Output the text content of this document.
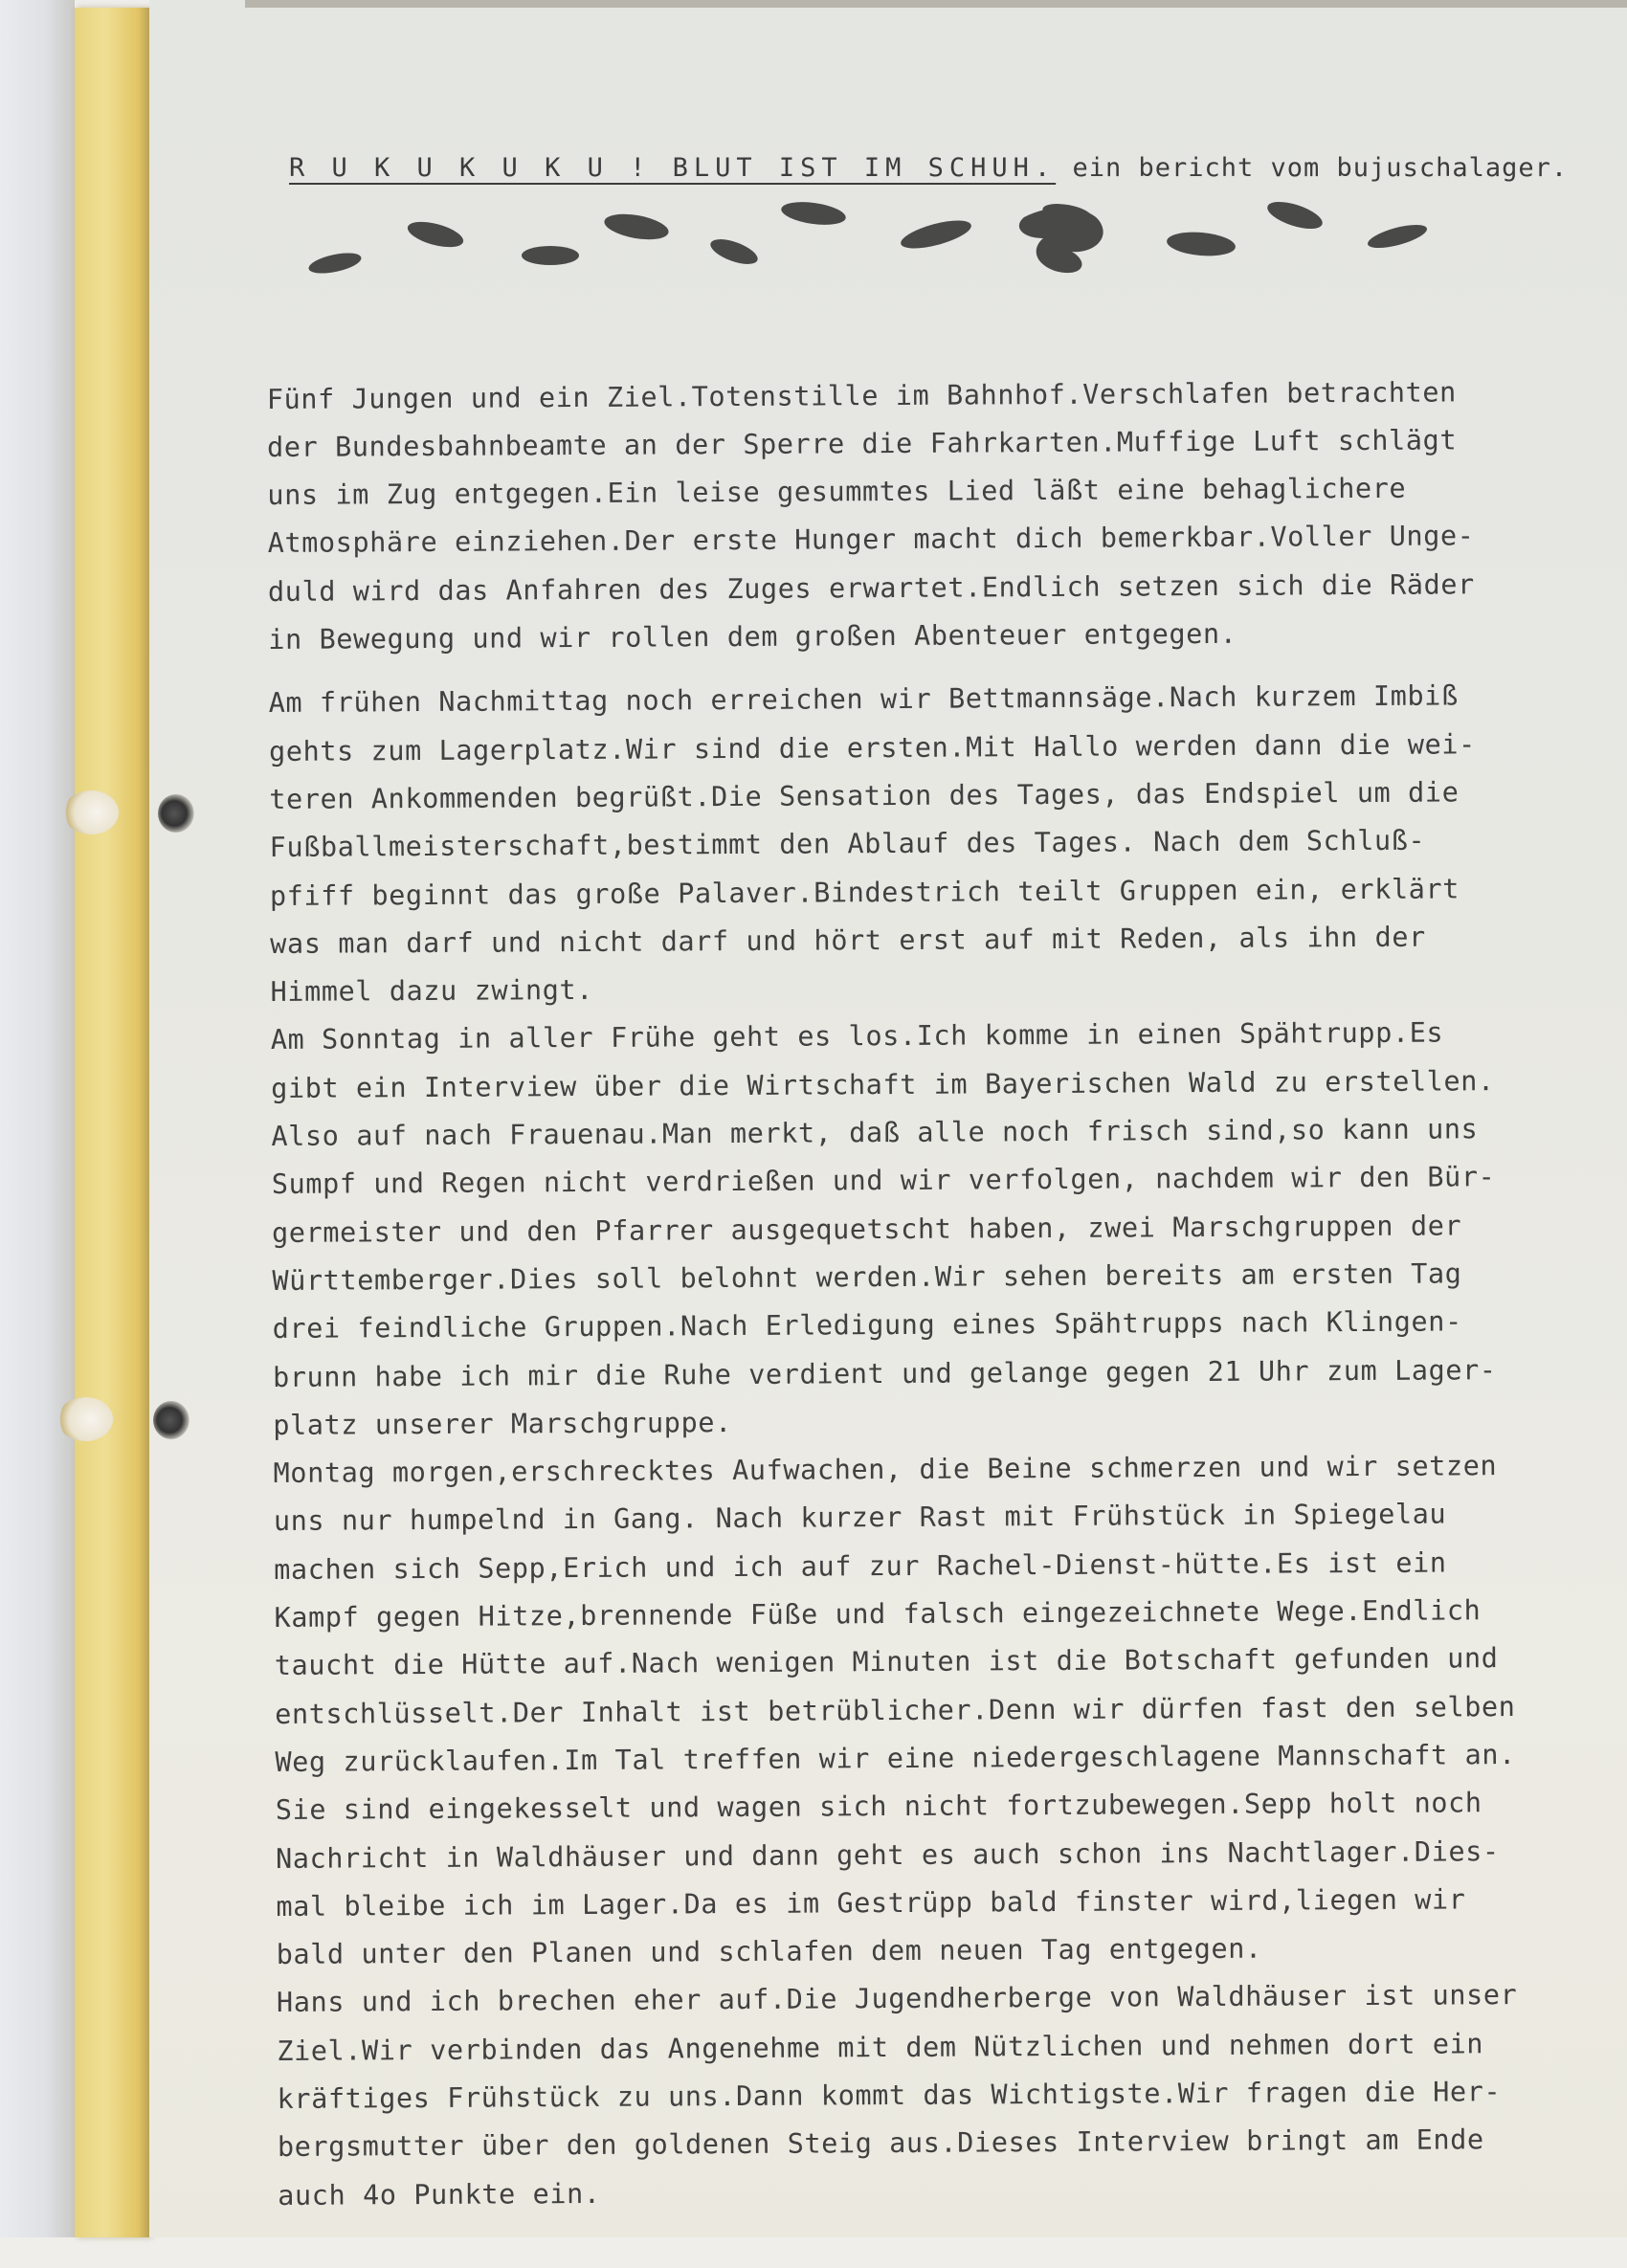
R U K U K U K U ! BLUT IST IM SCHUH. ein bericht vom bujuschalager.

Fünf Jungen und ein Ziel.Totenstille im Bahnhof.Verschlafen betrachten
der Bundesbahnbeamte an der Sperre die Fahrkarten.Muffige Luft schlägt
uns im Zug entgegen.Ein leise gesummtes Lied läßt eine behaglichere
Atmosphäre einziehen.Der erste Hunger macht dich bemerkbar.Voller Unge-
duld wird das Anfahren des Zuges erwartet.Endlich setzen sich die Räder
in Bewegung und wir rollen dem großen Abenteuer entgegen.
Am frühen Nachmittag noch erreichen wir Bettmannsäge.Nach kurzem Imbiß
gehts zum Lagerplatz.Wir sind die ersten.Mit Hallo werden dann die wei-
teren Ankommenden begrüßt.Die Sensation des Tages, das Endspiel um die
Fußballmeisterschaft,bestimmt den Ablauf des Tages. Nach dem Schluß-
pfiff beginnt das große Palaver.Bindestrich teilt Gruppen ein, erklärt
was man darf und nicht darf und hört erst auf mit Reden, als ihn der
Himmel dazu zwingt.
Am Sonntag in aller Frühe geht es los.Ich komme in einen Spähtrupp.Es
gibt ein Interview über die Wirtschaft im Bayerischen Wald zu erstellen.
Also auf nach Frauenau.Man merkt, daß alle noch frisch sind,so kann uns
Sumpf und Regen nicht verdrießen und wir verfolgen, nachdem wir den Bür-
germeister und den Pfarrer ausgequetscht haben, zwei Marschgruppen der
Württemberger.Dies soll belohnt werden.Wir sehen bereits am ersten Tag
drei feindliche Gruppen.Nach Erledigung eines Spähtrupps nach Klingen-
brunn habe ich mir die Ruhe verdient und gelange gegen 21 Uhr zum Lager-
platz unserer Marschgruppe.
Montag morgen,erschrecktes Aufwachen, die Beine schmerzen und wir setzen
uns nur humpelnd in Gang. Nach kurzer Rast mit Frühstück in Spiegelau
machen sich Sepp,Erich und ich auf zur Rachel-Dienst-hütte.Es ist ein
Kampf gegen Hitze,brennende Füße und falsch eingezeichnete Wege.Endlich
taucht die Hütte auf.Nach wenigen Minuten ist die Botschaft gefunden und
entschlüsselt.Der Inhalt ist betrüblicher.Denn wir dürfen fast den selben
Weg zurücklaufen.Im Tal treffen wir eine niedergeschlagene Mannschaft an.
Sie sind eingekesselt und wagen sich nicht fortzubewegen.Sepp holt noch
Nachricht in Waldhäuser und dann geht es auch schon ins Nachtlager.Dies-
mal bleibe ich im Lager.Da es im Gestrüpp bald finster wird,liegen wir
bald unter den Planen und schlafen dem neuen Tag entgegen.
Hans und ich brechen eher auf.Die Jugendherberge von Waldhäuser ist unser
Ziel.Wir verbinden das Angenehme mit dem Nützlichen und nehmen dort ein
kräftiges Frühstück zu uns.Dann kommt das Wichtigste.Wir fragen die Her-
bergsmutter über den goldenen Steig aus.Dieses Interview bringt am Ende
auch 4o Punkte ein.
